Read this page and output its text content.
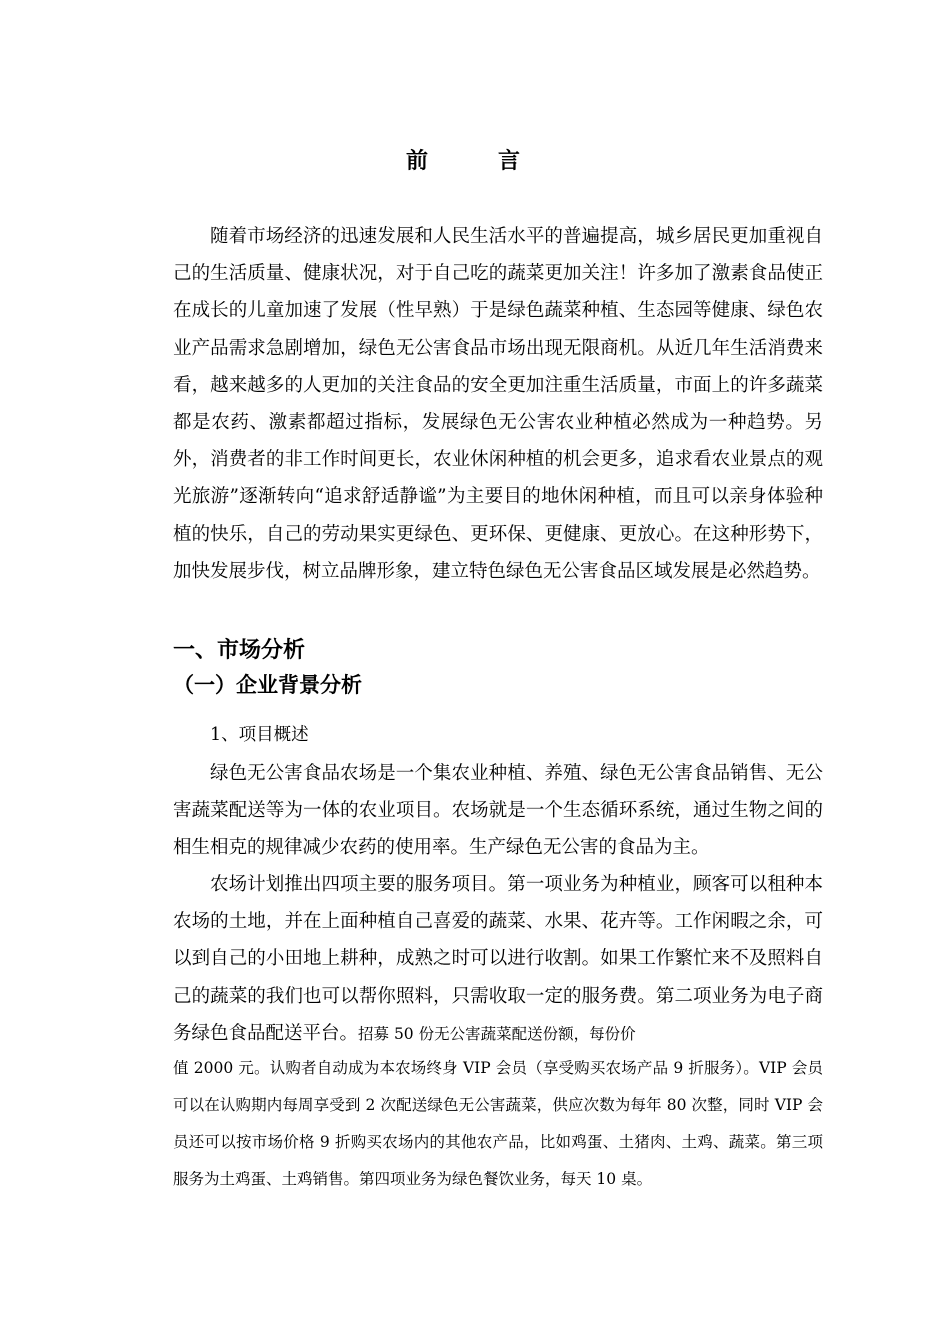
前　言

随着市场经济的迅速发展和人民生活水平的普遍提高，城乡居民更加重视自己的生活质量、健康状况，对于自己吃的蔬菜更加关注！许多加了激素食品使正在成长的儿童加速了发展（性早熟）于是绿色蔬菜种植、生态园等健康、绿色农业产品需求急剧增加，绿色无公害食品市场出现无限商机。从近几年生活消费来看，越来越多的人更加的关注食品的安全更加注重生活质量，市面上的许多蔬菜都是农药、激素都超过指标，发展绿色无公害农业种植必然成为一种趋势。另外，消费者的非工作时间更长，农业休闲种植的机会更多，追求看农业景点的观光旅游”逐渐转向“追求舒适静谧”为主要目的地休闲种植，而且可以亲身体验种植的快乐，自己的劳动果实更绿色、更环保、更健康、更放心。在这种形势下，加快发展步伐，树立品牌形象，建立特色绿色无公害食品区域发展是必然趋势。

一、市场分析
（一）企业背景分析
1、项目概述

绿色无公害食品农场是一个集农业种植、养殖、绿色无公害食品销售、无公害蔬菜配送等为一体的农业项目。农场就是一个生态循环系统，通过生物之间的相生相克的规律减少农药的使用率。生产绿色无公害的食品为主。

农场计划推出四项主要的服务项目。第一项业务为种植业，顾客可以租种本农场的土地，并在上面种植自己喜爱的蔬菜、水果、花卉等。工作闲暇之余，可以到自己的小田地上耕种，成熟之时可以进行收割。如果工作繁忙来不及照料自己的蔬菜的我们也可以帮你照料，只需收取一定的服务费。第二项业务为电子商务绿色食品配送平台。招募 50 份无公害蔬菜配送份额，每份价

值 2000 元。认购者自动成为本农场终身 VIP 会员（享受购买农场产品 9 折服务）。VIP 会员可以在认购期内每周享受到 2 次配送绿色无公害蔬菜，供应次数为每年 80 次整，同时 VIP 会员还可以按市场价格 9 折购买农场内的其他农产品，比如鸡蛋、土猪肉、土鸡、蔬菜。第三项服务为土鸡蛋、土鸡销售。第四项业务为绿色餐饮业务，每天 10 桌。
